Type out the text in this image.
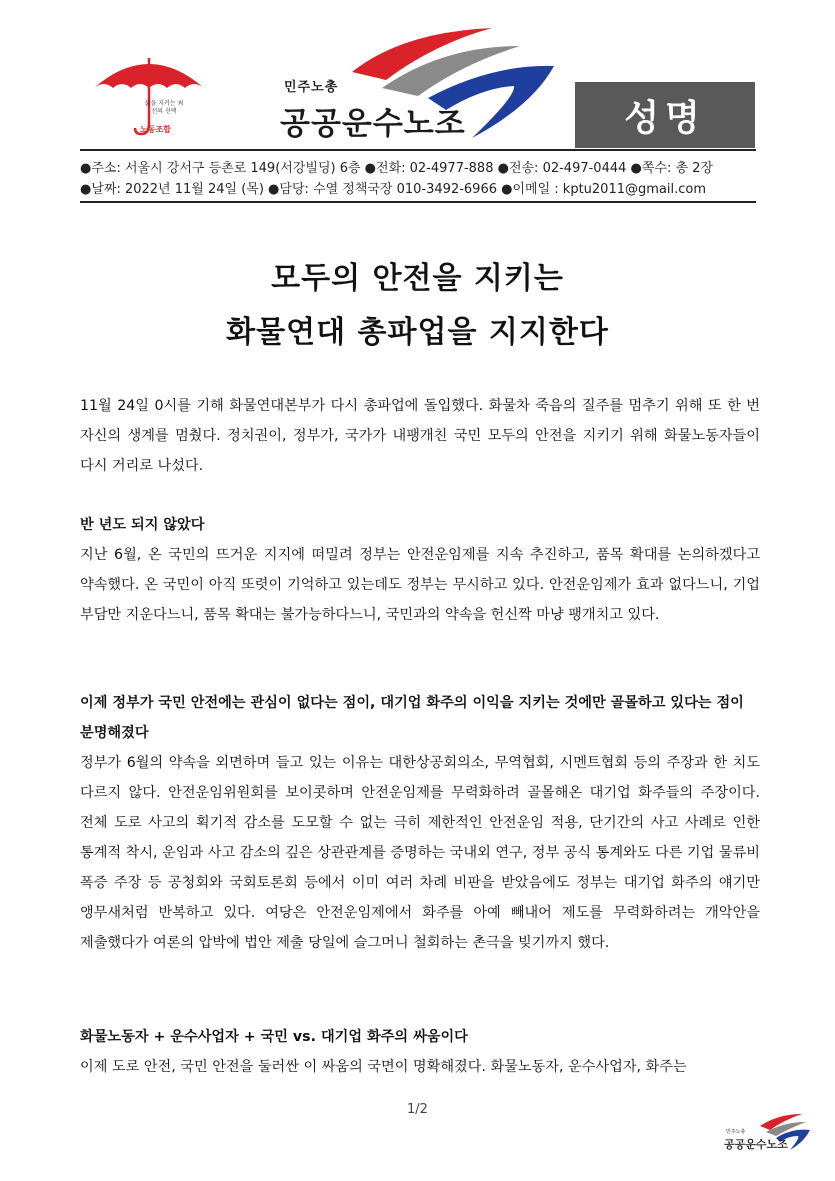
삶을 지키는 최선의 선택
노동조합
민주노총
공공운수노조	성명
●주소: 서울시 강서구 등촌로 149(서강빌딩) 6층 ●전화: 02-4977-888 ●전송: 02-497-0444 ●쪽수: 총 2장
●날짜: 2022년 11월 24일 (목) ●담당: 수열 정책국장 010-3492-6966 ●이메일 : kptu2011@gmail.com
모두의 안전을 지키는
화물연대 총파업을 지지한다

11월 24일 0시를 기해 화물연대본부가 다시 총파업에 돌입했다. 화물차 죽음의 질주를 멈추기 위해 또 한 번 자신의 생계를 멈췄다. 정치권이, 정부가, 국가가 내팽개친 국민 모두의 안전을 지키기 위해 화물노동자들이 다시 거리로 나섰다.

반 년도 되지 않았다

지난 6월, 온 국민의 뜨거운 지지에 떠밀려 정부는 안전운임제를 지속 추진하고, 품목 확대를 논의하겠다고 약속했다. 온 국민이 아직 또렷이 기억하고 있는데도 정부는 무시하고 있다. 안전운임제가 효과 없다느니, 기업 부담만 지운다느니, 품목 확대는 불가능하다느니, 국민과의 약속을 헌신짝 마냥 팽개치고 있다.

이제 정부가 국민 안전에는 관심이 없다는 점이, 대기업 화주의 이익을 지키는 것에만 골몰하고 있다는 점이 분명해졌다

정부가 6월의 약속을 외면하며 들고 있는 이유는 대한상공회의소, 무역협회, 시멘트협회 등의 주장과 한 치도 다르지 않다. 안전운임위원회를 보이콧하며 안전운임제를 무력화하려 골몰해온 대기업 화주들의 주장이다. 전체 도로 사고의 획기적 감소를 도모할 수 없는 극히 제한적인 안전운임 적용, 단기간의 사고 사례로 인한 통계적 착시, 운임과 사고 감소의 깊은 상관관계를 증명하는 국내외 연구, 정부 공식 통계와도 다른 기업 물류비 폭증 주장 등 공청회와 국회토론회 등에서 이미 여러 차례 비판을 받았음에도 정부는 대기업 화주의 얘기만 앵무새처럼 반복하고 있다. 여당은 안전운임제에서 화주를 아예 빼내어 제도를 무력화하려는 개악안을 제출했다가 여론의 압박에 법안 제출 당일에 슬그머니 철회하는 촌극을 빚기까지 했다.

화물노동자 + 운수사업자 + 국민 vs. 대기업 화주의 싸움이다

이제 도로 안전, 국민 안전을 둘러싼 이 싸움의 국면이 명확해졌다. 화물노동자, 운수사업자, 화주는

1/2
민주노총
공공운수노조
